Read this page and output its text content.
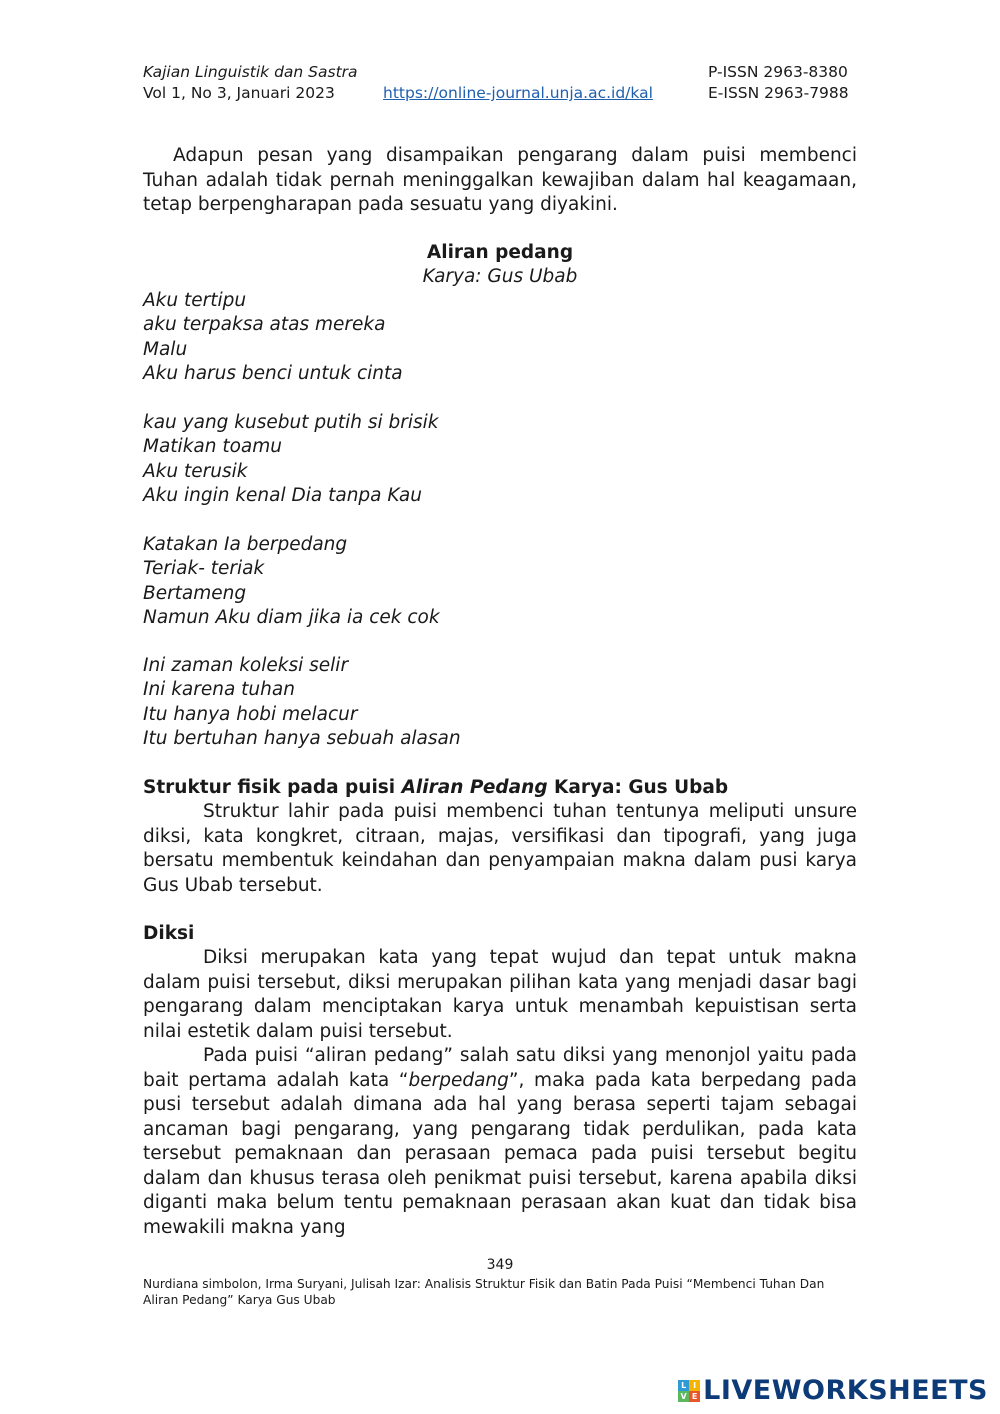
Kajian Linguistik dan Sastra
Vol 1, No 3, Januari 2023	https://online-journal.unja.ac.id/kal
P-ISSN 2963-8380
E-ISSN 2963-7988

Adapun pesan yang disampaikan pengarang dalam puisi membenci Tuhan adalah tidak pernah meninggalkan kewajiban dalam hal keagamaan, tetap berpengharapan pada sesuatu yang diyakini.

Aliran pedang
Karya: Gus Ubab
Aku tertipu
aku terpaksa atas mereka
Malu
Aku harus benci untuk cinta
kau yang kusebut putih si brisik
Matikan toamu
Aku terusik
Aku ingin kenal Dia tanpa Kau
Katakan Ia berpedang
Teriak- teriak
Bertameng
Namun Aku diam jika ia cek cok
Ini zaman koleksi selir
Ini karena tuhan
Itu hanya hobi melacur
Itu bertuhan hanya sebuah alasan
Struktur fisik pada puisi Aliran Pedang Karya: Gus Ubab

Struktur lahir pada puisi membenci tuhan tentunya meliputi unsure diksi, kata kongkret, citraan, majas, versifikasi dan tipografi, yang juga bersatu membentuk keindahan dan penyampaian makna dalam pusi karya Gus Ubab tersebut.

Diksi

Diksi merupakan kata yang tepat wujud dan tepat untuk makna dalam puisi tersebut, diksi merupakan pilihan kata yang menjadi dasar bagi pengarang dalam menciptakan karya untuk menambah kepuistisan serta nilai estetik dalam puisi tersebut.

Pada puisi “aliran pedang” salah satu diksi yang menonjol yaitu pada bait pertama adalah kata “berpedang”, maka pada kata berpedang pada pusi tersebut adalah dimana ada hal yang berasa seperti tajam sebagai ancaman bagi pengarang, yang pengarang tidak perdulikan, pada kata tersebut pemaknaan dan perasaan pemaca pada puisi tersebut begitu dalam dan khusus terasa oleh penikmat puisi tersebut, karena apabila diksi diganti maka belum tentu pemaknaan perasaan akan kuat dan tidak bisa mewakili makna yang

349
Nurdiana simbolon, Irma Suryani, Julisah Izar: Analisis Struktur Fisik dan Batin Pada Puisi “Membenci Tuhan Dan Aliran Pedang” Karya Gus Ubab
L I
V E LIVEWORKSHEETS
